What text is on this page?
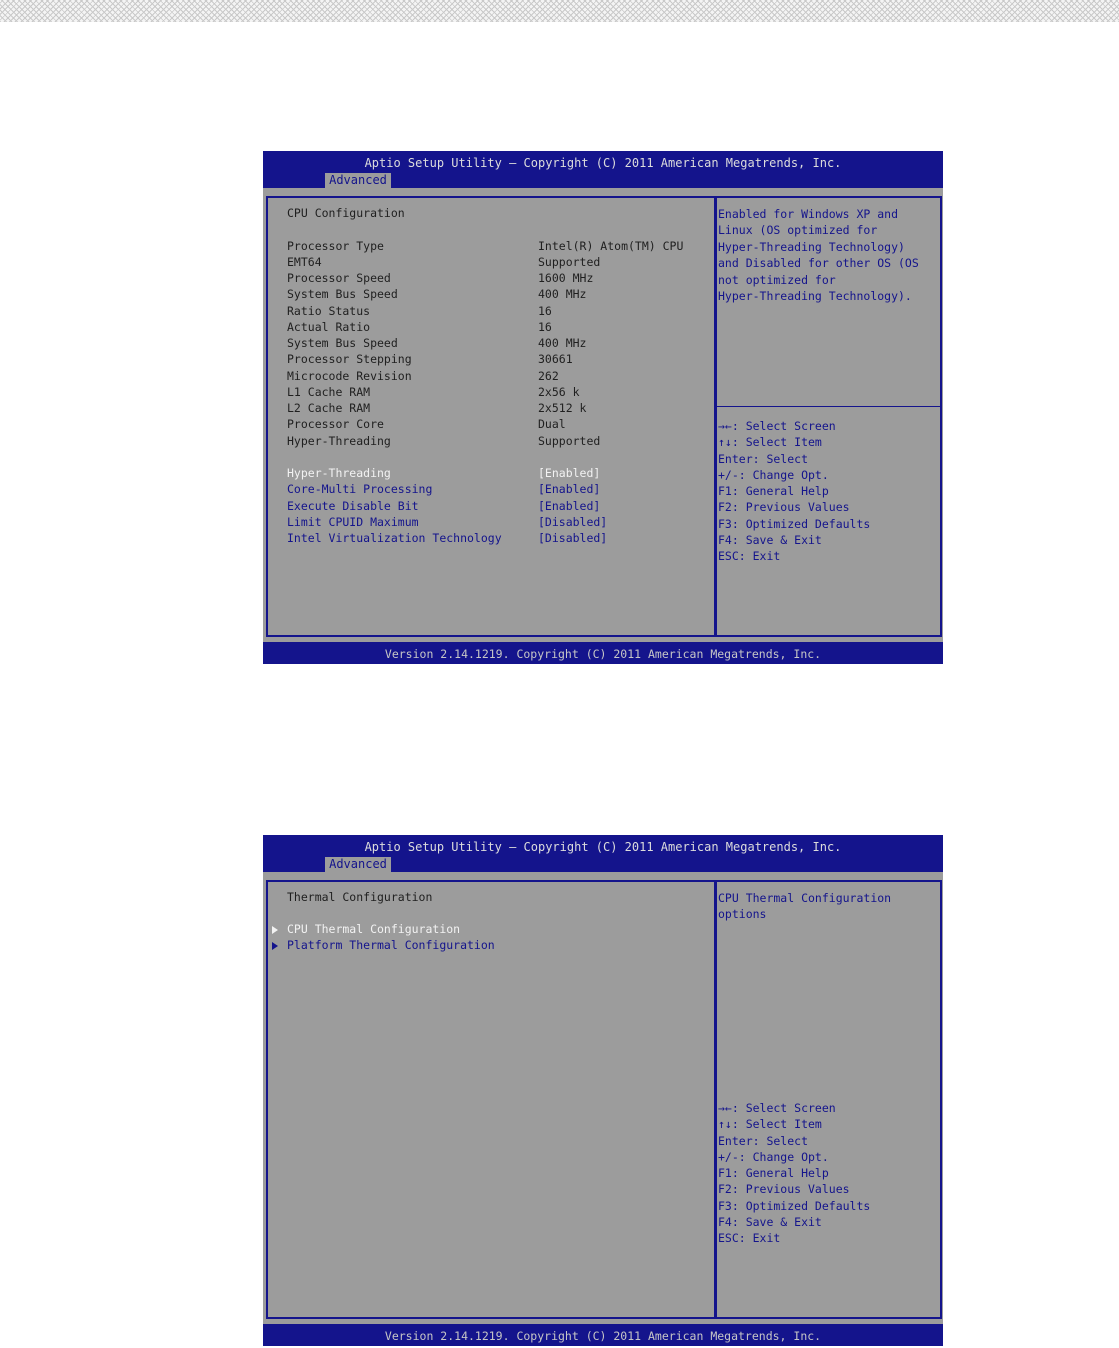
Aptio Setup Utility – Copyright (C) 2011 American Megatrends, Inc.
Advanced
CPU Configuration
Processor Type	Intel(R) Atom(TM) CPU
EMT64	Supported
Processor Speed	1600 MHz
System Bus Speed	400 MHz
Ratio Status	16
Actual Ratio	16
System Bus Speed	400 MHz
Processor Stepping	30661
Microcode Revision	262
L1 Cache RAM	2x56 k
L2 Cache RAM	2x512 k
Processor Core	Dual
Hyper-Threading	Supported
Hyper-Threading	[Enabled]
Core-Multi Processing	[Enabled]
Execute Disable Bit	[Enabled]
Limit CPUID Maximum	[Disabled]
Intel Virtualization Technology	[Disabled]
Enabled for Windows XP and
Linux (OS optimized for
Hyper-Threading Technology)
and Disabled for other OS (OS
not optimized for
Hyper-Threading Technology).
→←: Select Screen
↑↓: Select Item
Enter: Select
+/-: Change Opt.
F1: General Help
F2: Previous Values
F3: Optimized Defaults
F4: Save & Exit
ESC: Exit
Version 2.14.1219. Copyright (C) 2011 American Megatrends, Inc.
Aptio Setup Utility – Copyright (C) 2011 American Megatrends, Inc.
Advanced
Thermal Configuration
CPU Thermal Configuration
Platform Thermal Configuration
CPU Thermal Configuration
options
→←: Select Screen
↑↓: Select Item
Enter: Select
+/-: Change Opt.
F1: General Help
F2: Previous Values
F3: Optimized Defaults
F4: Save & Exit
ESC: Exit
Version 2.14.1219. Copyright (C) 2011 American Megatrends, Inc.
